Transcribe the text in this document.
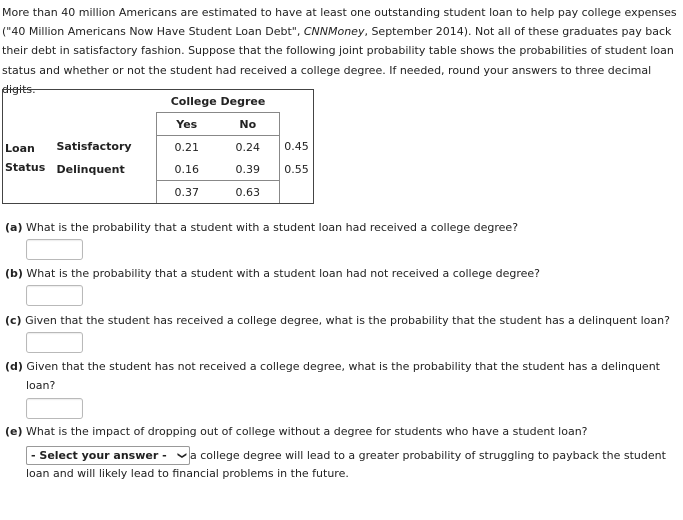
More than 40 million Americans are estimated to have at least one outstanding student loan to help pay college expenses ("40 Million Americans Now Have Student Loan Debt", CNNMoney, September 2014). Not all of these graduates pay back their debt in satisfactory fashion. Suppose that the following joint probability table shows the probabilities of student loan status and whether or not the student had received a college degree. If needed, round your answers to three decimal digits.

		College Degree		
		Yes	No	
Loan
Status	Satisfactory	0.21	0.24	0.45
	Delinquent	0.16	0.39	0.55
		0.37	0.63	
(a) What is the probability that a student with a student loan had received a college degree?
(b) What is the probability that a student with a student loan had not received a college degree?
(c) Given that the student has received a college degree, what is the probability that the student has a delinquent loan?
(d) Given that the student has not received a college degree, what is the probability that the student has a delinquent
loan?
(e) What is the impact of dropping out of college without a degree for students who have a student loan?
- Select your answer -	❯ a college degree will lead to a greater probability of struggling to payback the student
loan and will likely lead to financial problems in the future.
